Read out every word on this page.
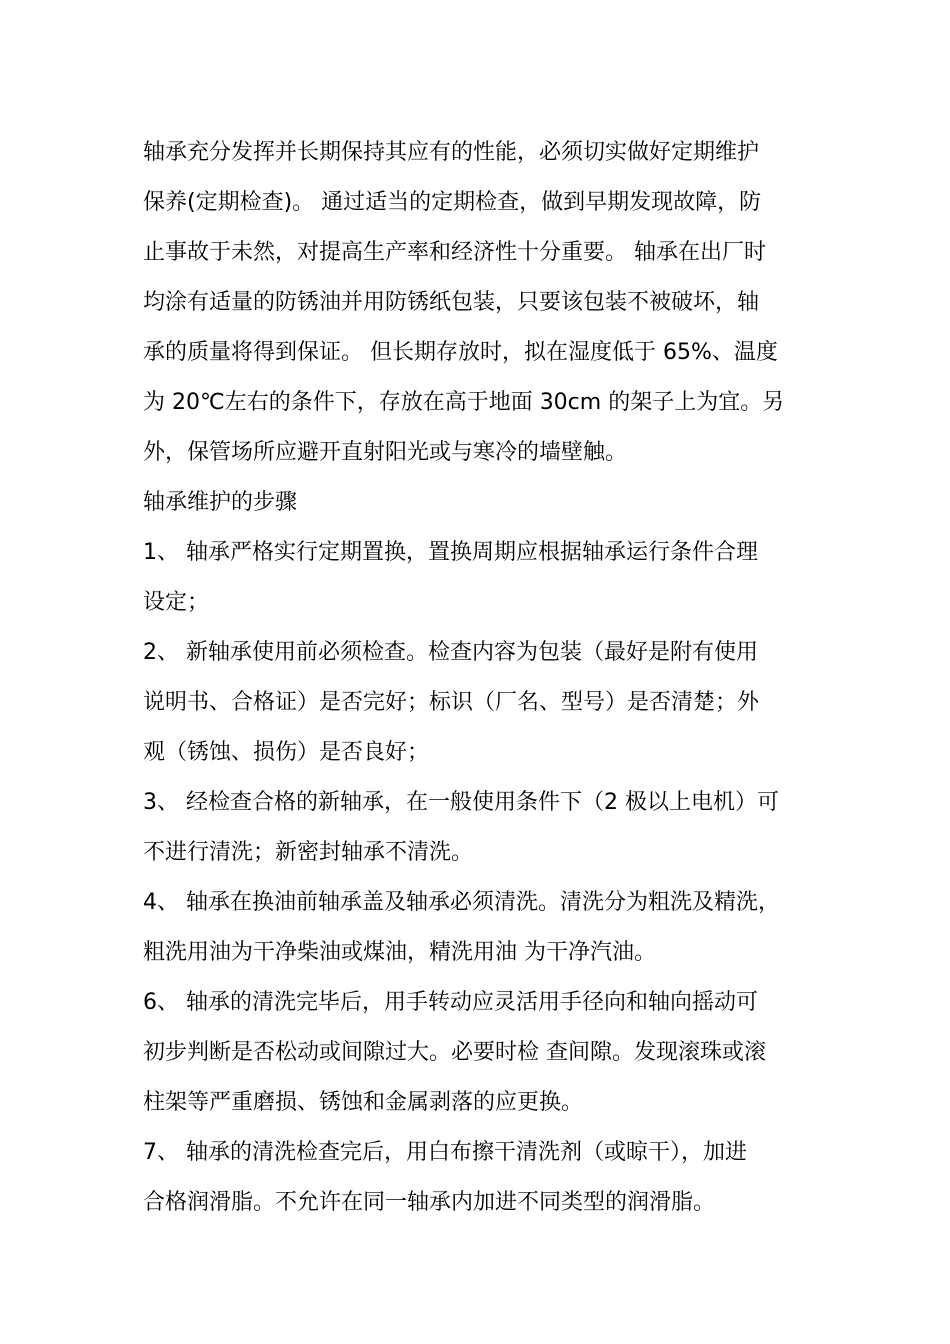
轴承充分发挥并长期保持其应有的性能，必须切实做好定期维护
保养(定期检查)。 通过适当的定期检查，做到早期发现故障，防
止事故于未然，对提高生产率和经济性十分重要。 轴承在出厂时
均涂有适量的防锈油并用防锈纸包装，只要该包装不被破坏，轴
承的质量将得到保证。 但长期存放时，拟在湿度低于 65%、温度
为 20℃左右的条件下，存放在高于地面 30cm 的架子上为宜。另
外，保管场所应避开直射阳光或与寒冷的墙壁触。
轴承维护的步骤
1、 轴承严格实行定期置换，置换周期应根据轴承运行条件合理
设定；
2、 新轴承使用前必须检查。检查内容为包装（最好是附有使用
说明书、合格证）是否完好；标识（厂名、型号）是否清楚；外
观（锈蚀、损伤）是否良好；
3、 经检查合格的新轴承，在一般使用条件下（2 极以上电机）可
不进行清洗；新密封轴承不清洗。
4、 轴承在换油前轴承盖及轴承必须清洗。清洗分为粗洗及精洗，
粗洗用油为干净柴油或煤油，精洗用油 为干净汽油。
6、 轴承的清洗完毕后，用手转动应灵活用手径向和轴向摇动可
初步判断是否松动或间隙过大。必要时检 查间隙。发现滚珠或滚
柱架等严重磨损、锈蚀和金属剥落的应更换。
7、 轴承的清洗检查完后，用白布擦干清洗剂（或晾干），加进
合格润滑脂。不允许在同一轴承内加进不同类型的润滑脂。
